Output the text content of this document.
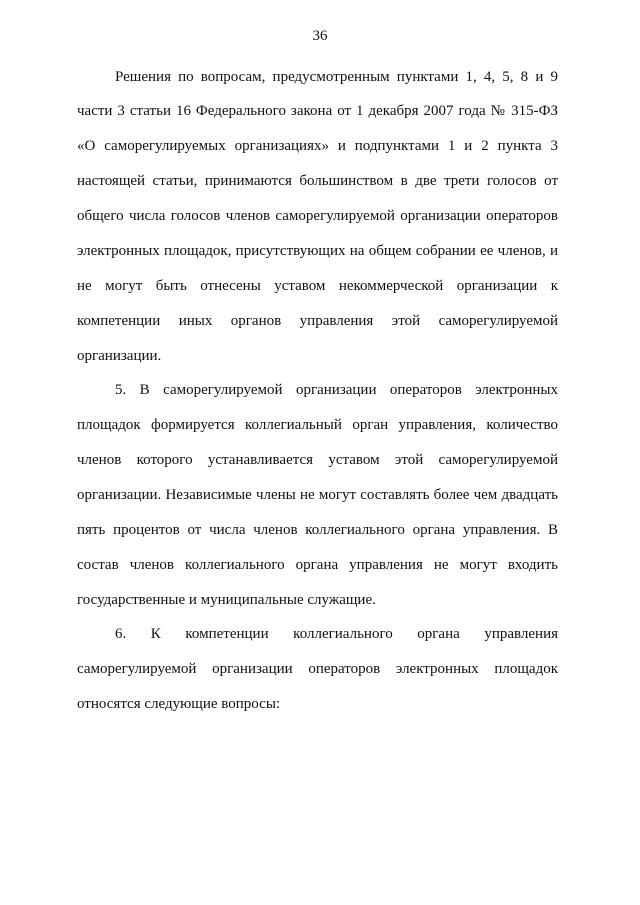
36
Решения по вопросам, предусмотренным пунктами 1, 4, 5, 8 и 9
части 3 статьи 16 Федерального закона от 1 декабря 2007 года № 315-ФЗ
«О саморегулируемых организациях» и подпунктами 1 и 2 пункта 3
настоящей статьи, принимаются большинством в две трети голосов от
общего числа голосов членов саморегулируемой организации операторов
электронных площадок, присутствующих на общем собрании ее членов, и
не могут быть отнесены уставом некоммерческой организации к
компетенции иных органов управления этой саморегулируемой
организации.
5. В саморегулируемой организации операторов электронных
площадок формируется коллегиальный орган управления, количество
членов которого устанавливается уставом этой саморегулируемой
организации. Независимые члены не могут составлять более чем двадцать
пять процентов от числа членов коллегиального органа управления. В
состав членов коллегиального органа управления не могут входить
государственные и муниципальные служащие.
6. К компетенции коллегиального органа управления
саморегулируемой организации операторов электронных площадок
относятся следующие вопросы:
